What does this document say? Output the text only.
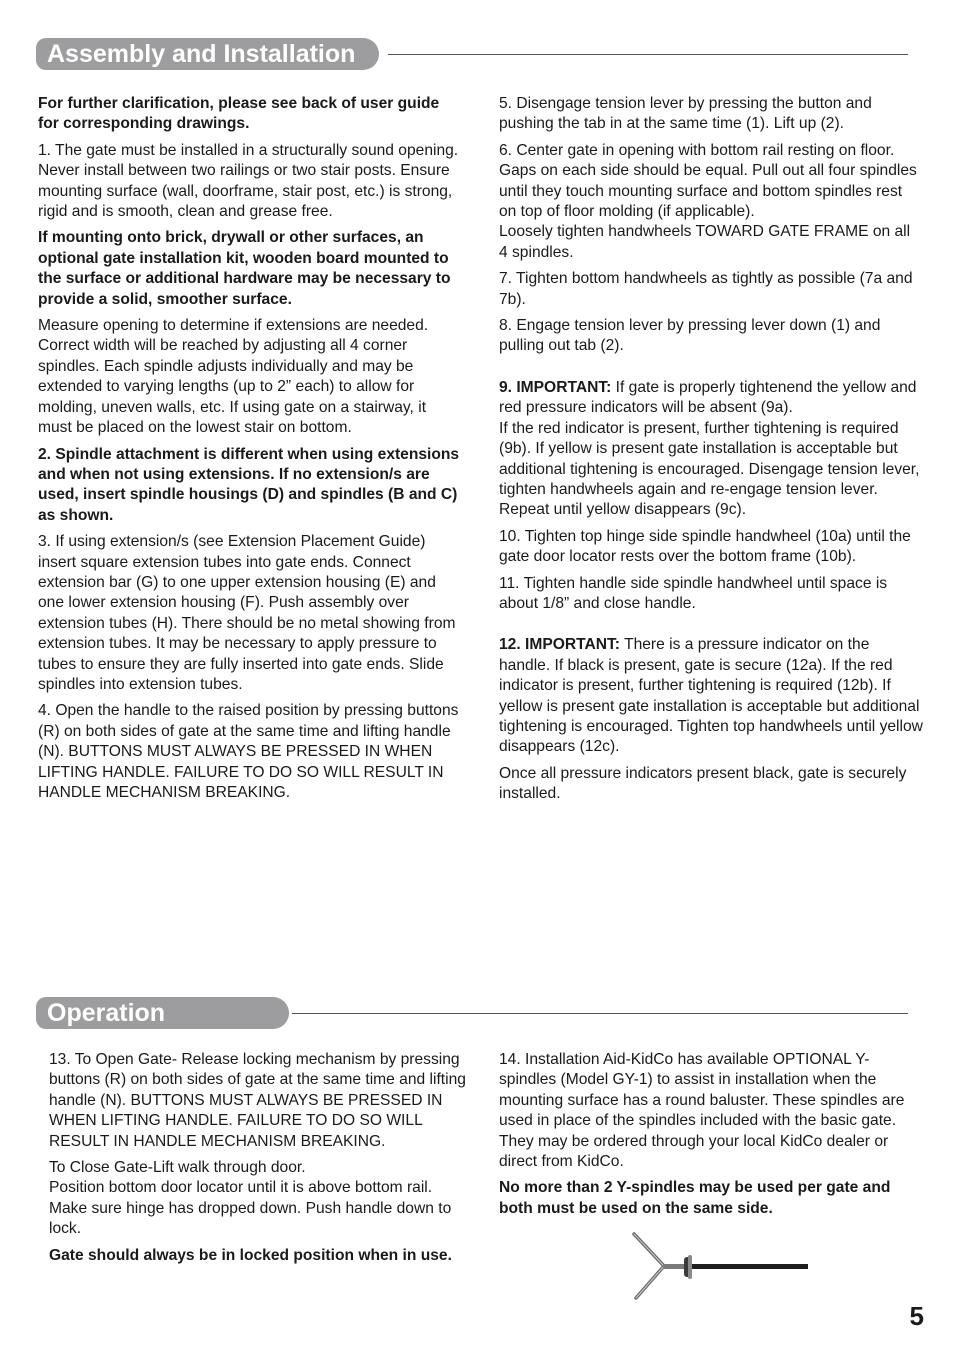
Assembly and Installation

For further clarification, please see back of user guide for corresponding drawings.

1. The gate must be installed in a structurally sound opening. Never install between two railings or two stair posts. Ensure mounting surface (wall, doorframe, stair post, etc.) is strong, rigid and is smooth, clean and grease free.

If mounting onto brick, drywall or other surfaces, an optional gate installation kit, wooden board mounted to the surface or additional hardware may be necessary to provide a solid, smoother surface.

Measure opening to determine if extensions are needed. Correct width will be reached by adjusting all 4 corner spindles. Each spindle adjusts individually and may be extended to varying lengths (up to 2” each) to allow for molding, uneven walls, etc. If using gate on a stairway, it must be placed on the lowest stair on bottom.

2. Spindle attachment is different when using extensions and when not using extensions. If no extension/s are used, insert spindle housings (D) and spindles (B and C) as shown.

3. If using extension/s (see Extension Placement Guide) insert square extension tubes into gate ends. Connect extension bar (G) to one upper extension housing (E) and one lower extension housing (F). Push assembly over extension tubes (H). There should be no metal showing from extension tubes. It may be necessary to apply pressure to tubes to ensure they are fully inserted into gate ends. Slide spindles into extension tubes.

4. Open the handle to the raised position by pressing buttons (R) on both sides of gate at the same time and lifting handle (N). BUTTONS MUST ALWAYS BE PRESSED IN WHEN LIFTING HANDLE. FAILURE TO DO SO WILL RESULT IN HANDLE MECHANISM BREAKING.

5. Disengage tension lever by pressing the button and pushing the tab in at the same time (1). Lift up (2).

6. Center gate in opening with bottom rail resting on floor. Gaps on each side should be equal. Pull out all four spindles until they touch mounting surface and bottom spindles rest on top of floor molding (if applicable).

Loosely tighten handwheels TOWARD GATE FRAME on all 4 spindles.

7. Tighten bottom handwheels as tightly as possible (7a and 7b).

8. Engage tension lever by pressing lever down (1) and pulling out tab (2).

9. IMPORTANT: If gate is properly tightenend the yellow and red pressure indicators will be absent (9a).

If the red indicator is present, further tightening is required (9b). If yellow is present gate installation is acceptable but additional tightening is encouraged. Disengage tension lever, tighten handwheels again and re-engage tension lever. Repeat until yellow disappears (9c).

10. Tighten top hinge side spindle handwheel (10a) until the gate door locator rests over the bottom frame (10b).

11. Tighten handle side spindle handwheel until space is about 1/8” and close handle.

12. IMPORTANT: There is a pressure indicator on the handle. If black is present, gate is secure (12a). If the red indicator is present, further tightening is required (12b). If yellow is present gate installation is acceptable but additional tightening is encouraged. Tighten top handwheels until yellow disappears (12c).

Once all pressure indicators present black, gate is securely installed.

Operation

13. To Open Gate- Release locking mechanism by pressing buttons (R) on both sides of gate at the same time and lifting handle (N). BUTTONS MUST ALWAYS BE PRESSED IN WHEN LIFTING HANDLE. FAILURE TO DO SO WILL RESULT IN HANDLE MECHANISM BREAKING.

To Close Gate-Lift walk through door.

Position bottom door locator until it is above bottom rail. Make sure hinge has dropped down. Push handle down to lock.

Gate should always be in locked position when in use.

14. Installation Aid-KidCo has available OPTIONAL Y-spindles (Model GY-1) to assist in installation when the mounting surface has a round baluster. These spindles are used in place of the spindles included with the basic gate. They may be ordered through your local KidCo dealer or direct from KidCo.

No more than 2 Y-spindles may be used per gate and both must be used on the same side.

5
